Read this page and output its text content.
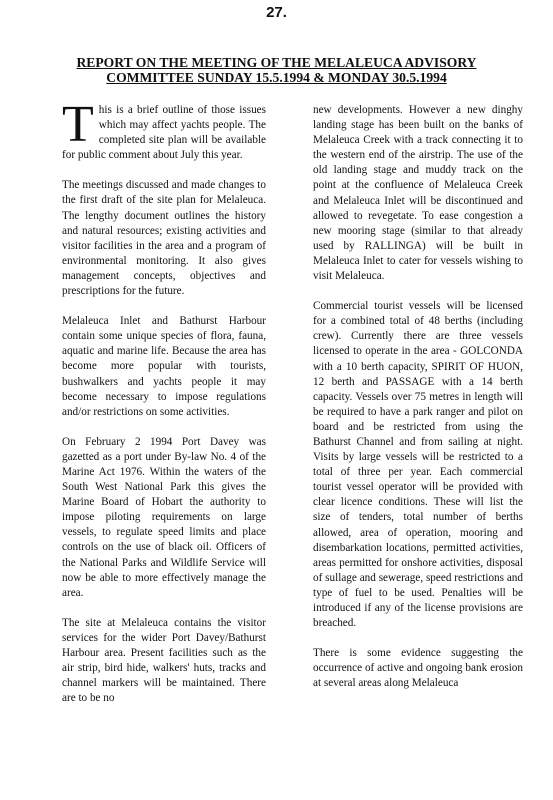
27.
REPORT ON THE MEETING OF THE MELALEUCA ADVISORY
COMMITTEE SUNDAY 15.5.1994 & MONDAY 30.5.1994

This is a brief outline of those issues which may affect yachts people. The completed site plan will be available for public comment about July this year.

The meetings discussed and made changes to the first draft of the site plan for Melaleuca. The lengthy document outlines the history and natural resources; existing activities and visitor facilities in the area and a program of environmental monitoring. It also gives management concepts, objectives and prescriptions for the future.

Melaleuca Inlet and Bathurst Harbour contain some unique species of flora, fauna, aquatic and marine life. Because the area has become more popular with tourists, bushwalkers and yachts people it may become necessary to impose regulations and/or restrictions on some activities.

On February 2 1994 Port Davey was gazetted as a port under By-law No. 4 of the Marine Act 1976. Within the waters of the South West National Park this gives the Marine Board of Hobart the authority to impose piloting requirements on large vessels, to regulate speed limits and place controls on the use of black oil. Officers of the National Parks and Wildlife Service will now be able to more effectively manage the area.

The site at Melaleuca contains the visitor services for the wider Port Davey/Bathurst Harbour area. Present facilities such as the air strip, bird hide, walkers' huts, tracks and channel markers will be maintained. There are to be no

new developments. However a new dinghy landing stage has been built on the banks of Melaleuca Creek with a track connecting it to the western end of the airstrip. The use of the old landing stage and muddy track on the point at the confluence of Melaleuca Creek and Melaleuca Inlet will be discontinued and allowed to revegetate. To ease congestion a new mooring stage (similar to that already used by RALLINGA) will be built in Melaleuca Inlet to cater for vessels wishing to visit Melaleuca.

Commercial tourist vessels will be licensed for a combined total of 48 berths (including crew). Currently there are three vessels licensed to operate in the area - GOLCONDA with a 10 berth capacity, SPIRIT OF HUON, 12 berth and PASSAGE with a 14 berth capacity. Vessels over 75 metres in length will be required to have a park ranger and pilot on board and be restricted from using the Bathurst Channel and from sailing at night. Visits by large vessels will be restricted to a total of three per year. Each commercial tourist vessel operator will be provided with clear licence conditions. These will list the size of tenders, total number of berths allowed, area of operation, mooring and disembarkation locations, permitted activities, areas permitted for onshore activities, disposal of sullage and sewerage, speed restrictions and type of fuel to be used. Penalties will be introduced if any of the license provisions are breached.

There is some evidence suggesting the occurrence of active and ongoing bank erosion at several areas along Melaleuca
